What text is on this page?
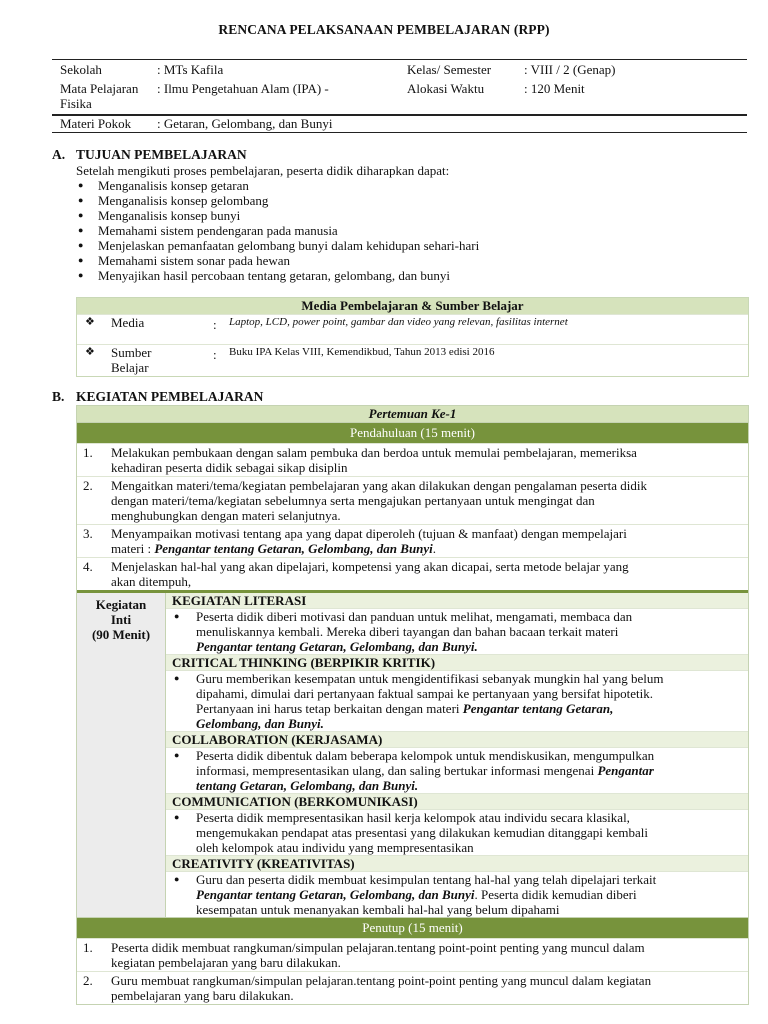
RENCANA PELAKSANAAN PEMBELAJARAN (RPP)
Sekolah	: MTs Kafila	Kelas/ Semester	: VIII / 2 (Genap)
Mata Pelajaran : Ilmu Pengetahuan Alam (IPA) -	Alokasi Waktu	: 120 Menit
Fisika
Materi Pokok : Getaran, Gelombang, dan Bunyi
A. TUJUAN PEMBELAJARAN
Setelah mengikuti proses pembelajaran, peserta didik diharapkan dapat:
● Menganalisis konsep getaran
● Menganalisis konsep gelombang
● Menganalisis konsep bunyi
● Memahami sistem pendengaran pada manusia
● Menjelaskan pemanfaatan gelombang bunyi dalam kehidupan sehari-hari
● Memahami sistem sonar pada hewan
● Menyajikan hasil percobaan tentang getaran, gelombang, dan bunyi
Media Pembelajaran & Sumber Belajar
❖ Media	: Laptop, LCD, power point, gambar dan video yang relevan, fasilitas internet
❖ Sumber
Belajar
: Buku IPA Kelas VIII, Kemendikbud, Tahun 2013 edisi 2016
B. KEGIATAN PEMBELAJARAN
Pertemuan Ke-1
Pendahuluan (15 menit)
1. Melakukan pembukaan dengan salam pembuka dan berdoa untuk memulai pembelajaran, memeriksa
kehadiran peserta didik sebagai sikap disiplin
2. Mengaitkan materi/tema/kegiatan pembelajaran yang akan dilakukan dengan pengalaman peserta didik
dengan materi/tema/kegiatan sebelumnya serta mengajukan pertanyaan untuk mengingat dan
menghubungkan dengan materi selanjutnya.
3. Menyampaikan motivasi tentang apa yang dapat diperoleh (tujuan & manfaat) dengan mempelajari
materi : Pengantar tentang Getaran, Gelombang, dan Bunyi.
4. Menjelaskan hal-hal yang akan dipelajari, kompetensi yang akan dicapai, serta metode belajar yang
akan ditempuh,
Kegiatan
Inti
(90 Menit)
KEGIATAN LITERASI
● Peserta didik diberi motivasi dan panduan untuk melihat, mengamati, membaca dan
menuliskannya kembali. Mereka diberi tayangan dan bahan bacaan terkait materi
Pengantar tentang Getaran, Gelombang, dan Bunyi.
CRITICAL THINKING (BERPIKIR KRITIK)
● Guru memberikan kesempatan untuk mengidentifikasi sebanyak mungkin hal yang belum
dipahami, dimulai dari pertanyaan faktual sampai ke pertanyaan yang bersifat hipotetik.
Pertanyaan ini harus tetap berkaitan dengan materi Pengantar tentang Getaran,
Gelombang, dan Bunyi.
COLLABORATION (KERJASAMA)
● Peserta didik dibentuk dalam beberapa kelompok untuk mendiskusikan, mengumpulkan
informasi, mempresentasikan ulang, dan saling bertukar informasi mengenai Pengantar
tentang Getaran, Gelombang, dan Bunyi.
COMMUNICATION (BERKOMUNIKASI)
● Peserta didik mempresentasikan hasil kerja kelompok atau individu secara klasikal,
mengemukakan pendapat atas presentasi yang dilakukan kemudian ditanggapi kembali
oleh kelompok atau individu yang mempresentasikan
CREATIVITY (KREATIVITAS)
● Guru dan peserta didik membuat kesimpulan tentang hal-hal yang telah dipelajari terkait
Pengantar tentang Getaran, Gelombang, dan Bunyi. Peserta didik kemudian diberi
kesempatan untuk menanyakan kembali hal-hal yang belum dipahami
Penutup (15 menit)
1. Peserta didik membuat rangkuman/simpulan pelajaran.tentang point-point penting yang muncul dalam
kegiatan pembelajaran yang baru dilakukan.
2. Guru membuat rangkuman/simpulan pelajaran.tentang point-point penting yang muncul dalam kegiatan
pembelajaran yang baru dilakukan.
